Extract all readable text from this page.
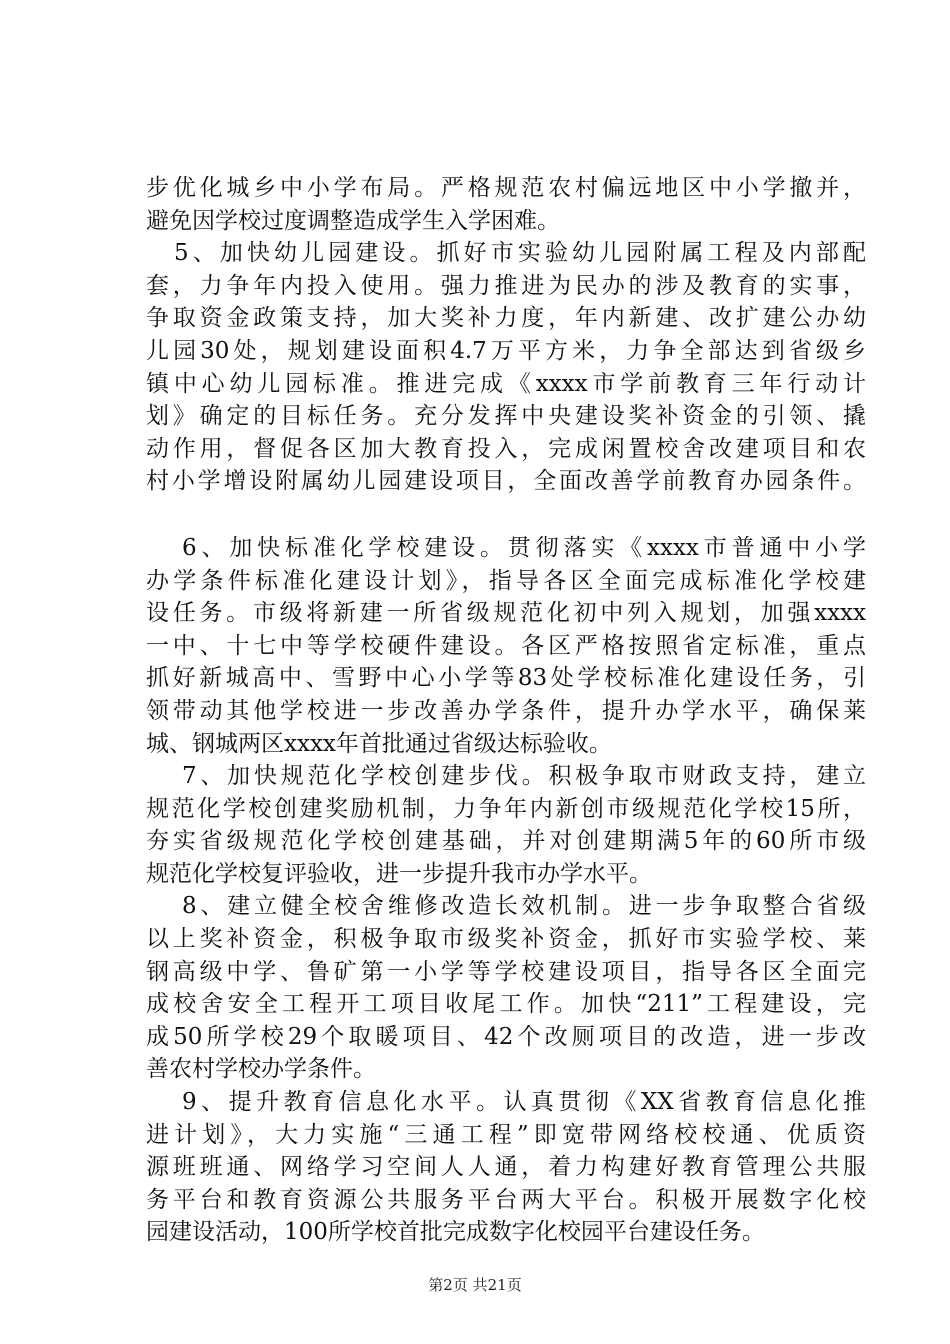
步优化城乡中小学布局。严格规范农村偏远地区中小学撤并，
避免因学校过度调整造成学生入学困难。
5、加快幼儿园建设。抓好市实验幼儿园附属工程及内部配
套，力争年内投入使用。强力推进为民办的涉及教育的实事，
争取资金政策支持，加大奖补力度，年内新建、改扩建公办幼
儿园30处，规划建设面积4.7万平方米，力争全部达到省级乡
镇中心幼儿园标准。推进完成《xxxx市学前教育三年行动计
划》确定的目标任务。充分发挥中央建设奖补资金的引领、撬
动作用，督促各区加大教育投入，完成闲置校舍改建项目和农
村小学增设附属幼儿园建设项目，全面改善学前教育办园条件。
6、加快标准化学校建设。贯彻落实《xxxx市普通中小学
办学条件标准化建设计划》，指导各区全面完成标准化学校建
设任务。市级将新建一所省级规范化初中列入规划，加强xxxx
一中、十七中等学校硬件建设。各区严格按照省定标准，重点
抓好新城高中、雪野中心小学等83处学校标准化建设任务，引
领带动其他学校进一步改善办学条件，提升办学水平，确保莱
城、钢城两区xxxx年首批通过省级达标验收。
7、加快规范化学校创建步伐。积极争取市财政支持，建立
规范化学校创建奖励机制，力争年内新创市级规范化学校15所，
夯实省级规范化学校创建基础，并对创建期满5年的60所市级
规范化学校复评验收，进一步提升我市办学水平。
8、建立健全校舍维修改造长效机制。进一步争取整合省级
以上奖补资金，积极争取市级奖补资金，抓好市实验学校、莱
钢高级中学、鲁矿第一小学等学校建设项目，指导各区全面完
成校舍安全工程开工项目收尾工作。加快“211”工程建设，完
成50所学校29个取暖项目、42个改厕项目的改造，进一步改
善农村学校办学条件。
9、提升教育信息化水平。认真贯彻《XX省教育信息化推
进计划》，大力实施“三通工程”即宽带网络校校通、优质资
源班班通、网络学习空间人人通，着力构建好教育管理公共服
务平台和教育资源公共服务平台两大平台。积极开展数字化校
园建设活动，100所学校首批完成数字化校园平台建设任务。
第2页 共21页
